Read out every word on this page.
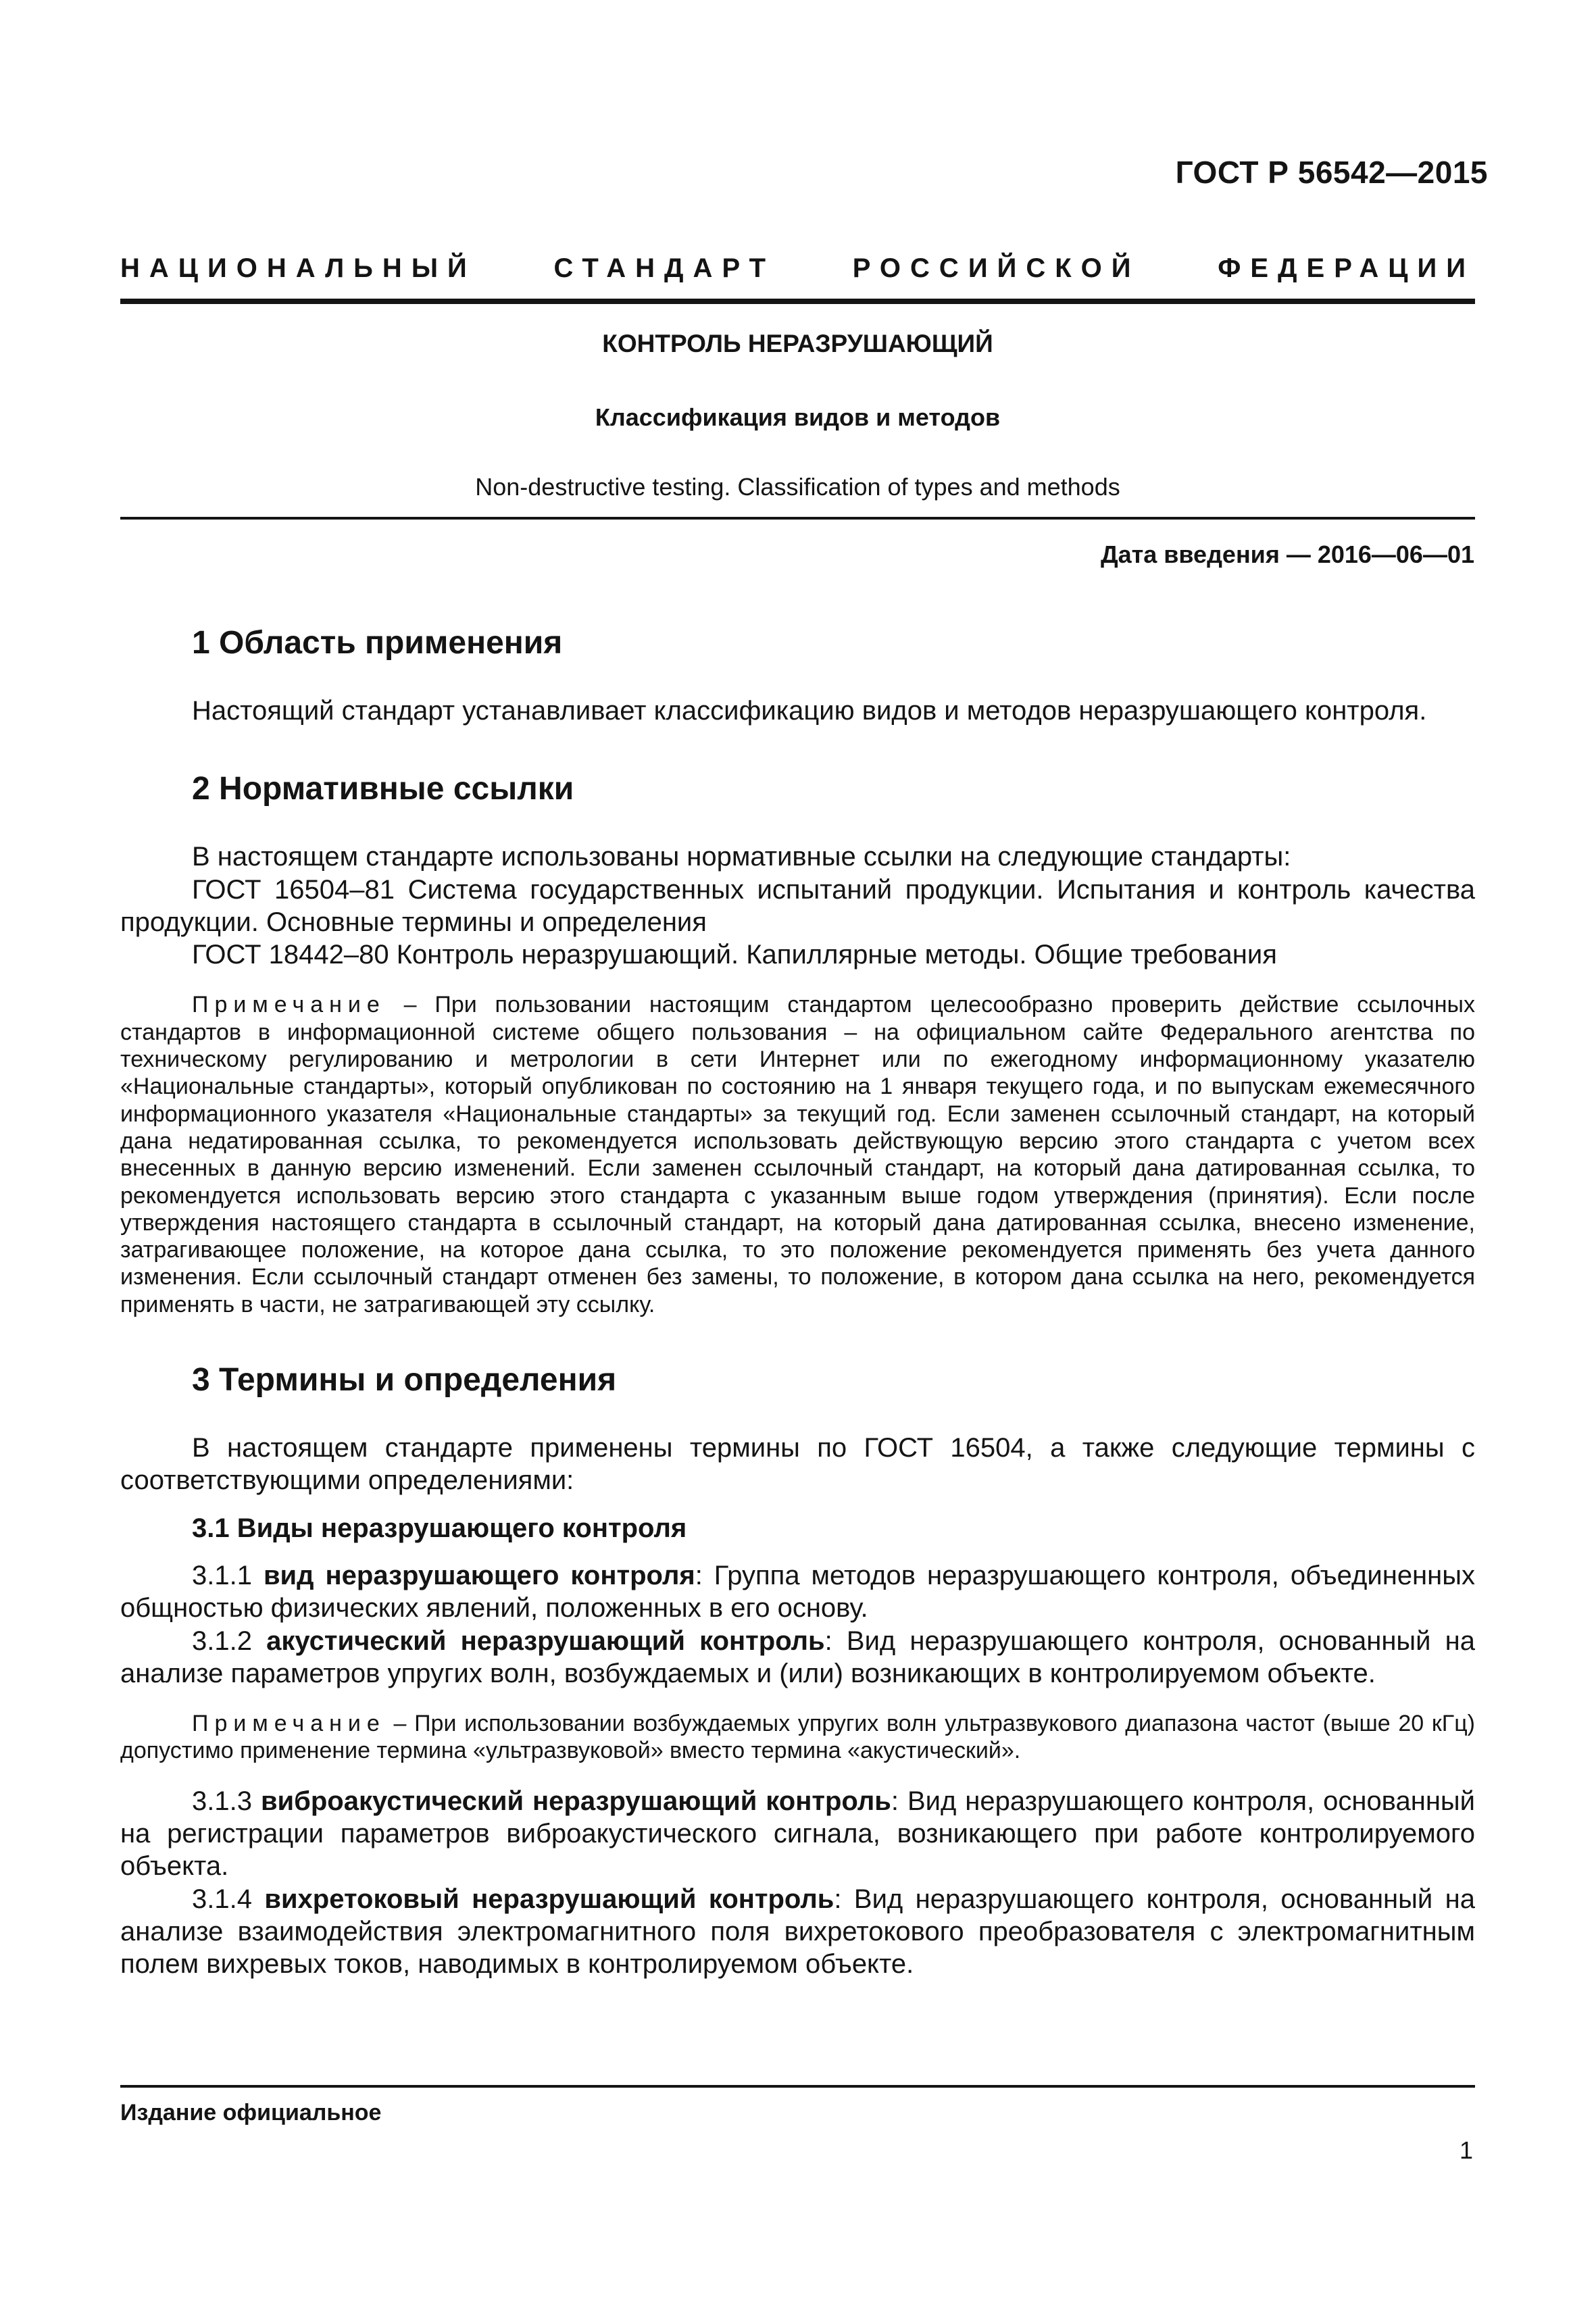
ГОСТ Р 56542—2015
НАЦИОНАЛЬНЫЙ СТАНДАРТ РОССИЙСКОЙ ФЕДЕРАЦИИ
КОНТРОЛЬ НЕРАЗРУШАЮЩИЙ
Классификация видов и методов
Non-destructive testing. Classification of types and methods
Дата введения — 2016—06—01
1 Область применения

Настоящий стандарт устанавливает классификацию видов и методов неразрушающего контроля.

2 Нормативные ссылки

В настоящем стандарте использованы нормативные ссылки на следующие стандарты:

ГОСТ 16504–81 Система государственных испытаний продукции. Испытания и контроль качества продукции. Основные термины и определения

ГОСТ 18442–80 Контроль неразрушающий. Капиллярные методы. Общие требования

Примечание – При пользовании настоящим стандартом целесообразно проверить действие ссылочных стандартов в информационной системе общего пользования – на официальном сайте Федерального агентства по техническому регулированию и метрологии в сети Интернет или по ежегодному информационному указателю «Национальные стандарты», который опубликован по состоянию на 1 января текущего года, и по выпускам ежемесячного информационного указателя «Национальные стандарты» за текущий год. Если заменен ссылочный стандарт, на который дана недатированная ссылка, то рекомендуется использовать действующую версию этого стандарта с учетом всех внесенных в данную версию изменений. Если заменен ссылочный стандарт, на который дана датированная ссылка, то рекомендуется использовать версию этого стандарта с указанным выше годом утверждения (принятия). Если после утверждения настоящего стандарта в ссылочный стандарт, на который дана датированная ссылка, внесено изменение, затрагивающее положение, на которое дана ссылка, то это положение рекомендуется применять без учета данного изменения. Если ссылочный стандарт отменен без замены, то положение, в котором дана ссылка на него, рекомендуется применять в части, не затрагивающей эту ссылку.

3 Термины и определения

В настоящем стандарте применены термины по ГОСТ 16504, а также следующие термины с соответствующими определениями:

3.1 Виды неразрушающего контроля

3.1.1 вид неразрушающего контроля: Группа методов неразрушающего контроля, объединенных общностью физических явлений, положенных в его основу.

3.1.2 акустический неразрушающий контроль: Вид неразрушающего контроля, основанный на анализе параметров упругих волн, возбуждаемых и (или) возникающих в контролируемом объекте.

Примечание – При использовании возбуждаемых упругих волн ультразвукового диапазона частот (выше 20 кГц) допустимо применение термина «ультразвуковой» вместо термина «акустический».

3.1.3 виброакустический неразрушающий контроль: Вид неразрушающего контроля, основанный на регистрации параметров виброакустического сигнала, возникающего при работе контролируемого объекта.

3.1.4 вихретоковый неразрушающий контроль: Вид неразрушающего контроля, основанный на анализе взаимодействия электромагнитного поля вихретокового преобразователя с электромагнитным полем вихревых токов, наводимых в контролируемом объекте.

Издание официальное
1
